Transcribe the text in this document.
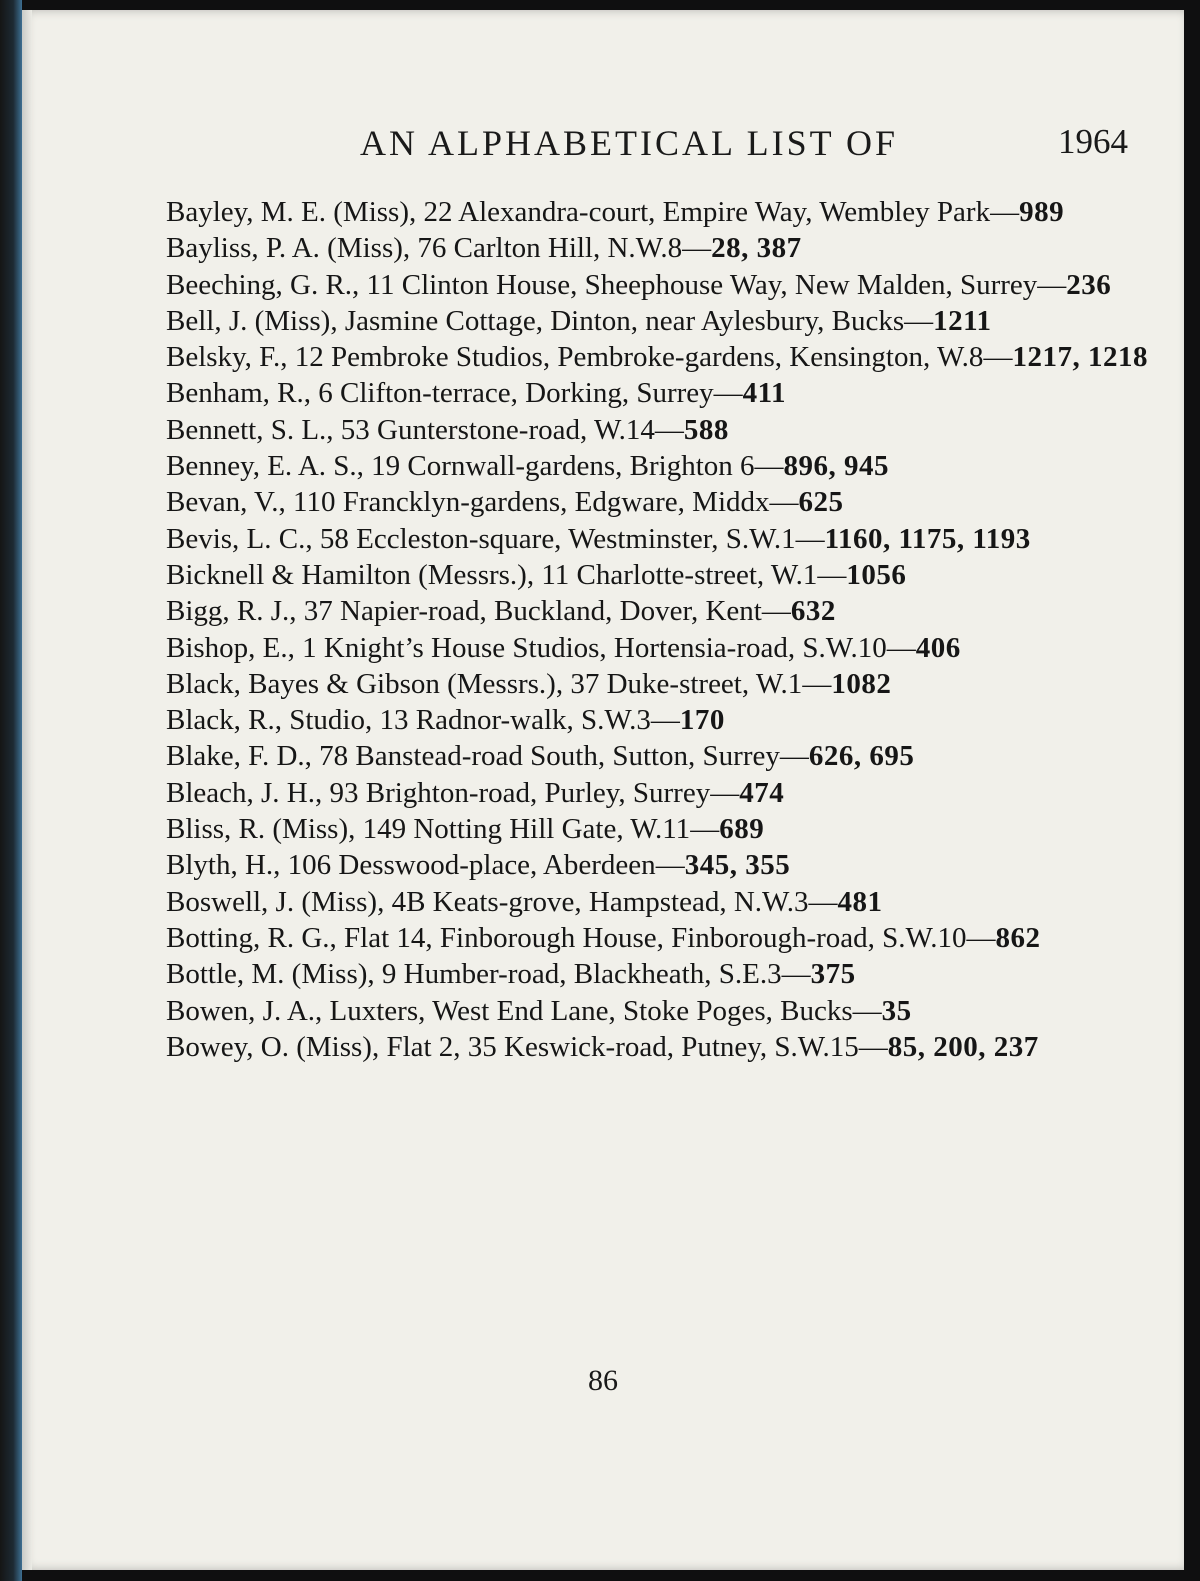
AN ALPHABETICAL LIST OF	1964
Bayley, M. E. (Miss), 22 Alexandra-court, Empire Way, Wembley Park—989
Bayliss, P. A. (Miss), 76 Carlton Hill, N.W.8—28, 387
Beeching, G. R., 11 Clinton House, Sheephouse Way, New Malden, Surrey—236
Bell, J. (Miss), Jasmine Cottage, Dinton, near Aylesbury, Bucks—1211
Belsky, F., 12 Pembroke Studios, Pembroke-gardens, Kensington, W.8—1217, 1218
Benham, R., 6 Clifton-terrace, Dorking, Surrey—411
Bennett, S. L., 53 Gunterstone-road, W.14—588
Benney, E. A. S., 19 Cornwall-gardens, Brighton 6—896, 945
Bevan, V., 110 Francklyn-gardens, Edgware, Middx—625
Bevis, L. C., 58 Eccleston-square, Westminster, S.W.1—1160, 1175, 1193
Bicknell & Hamilton (Messrs.), 11 Charlotte-street, W.1—1056
Bigg, R. J., 37 Napier-road, Buckland, Dover, Kent—632
Bishop, E., 1 Knight’s House Studios, Hortensia-road, S.W.10—406
Black, Bayes & Gibson (Messrs.), 37 Duke-street, W.1—1082
Black, R., Studio, 13 Radnor-walk, S.W.3—170
Blake, F. D., 78 Banstead-road South, Sutton, Surrey—626, 695
Bleach, J. H., 93 Brighton-road, Purley, Surrey—474
Bliss, R. (Miss), 149 Notting Hill Gate, W.11—689
Blyth, H., 106 Desswood-place, Aberdeen—345, 355
Boswell, J. (Miss), 4B Keats-grove, Hampstead, N.W.3—481
Botting, R. G., Flat 14, Finborough House, Finborough-road, S.W.10—862
Bottle, M. (Miss), 9 Humber-road, Blackheath, S.E.3—375
Bowen, J. A., Luxters, West End Lane, Stoke Poges, Bucks—35
Bowey, O. (Miss), Flat 2, 35 Keswick-road, Putney, S.W.15—85, 200, 237
86
